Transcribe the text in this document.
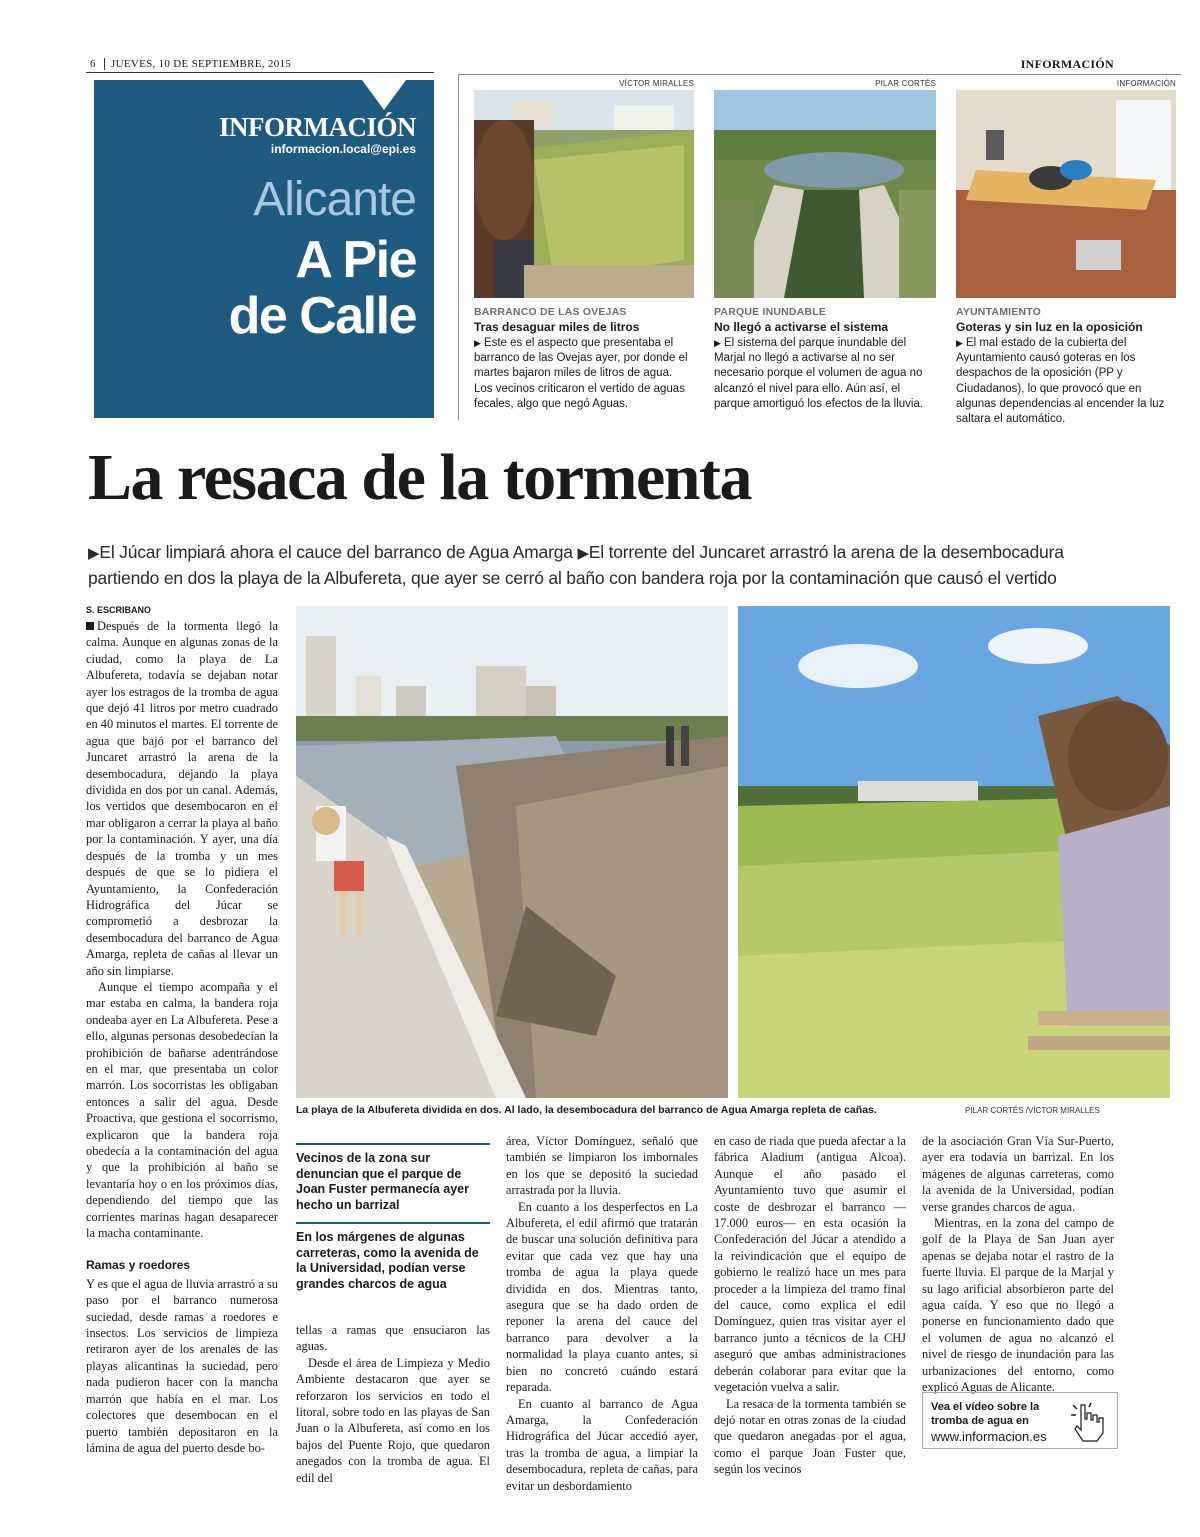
6	JUEVES, 10 DE SEPTIEMBRE, 2015	INFORMACIÓN
INFORMACIÓN
informacion.local@epi.es
Alicante
A Pie
de Calle
VÍCTOR MIRALLES
BARRANCO DE LAS OVEJAS
Tras desaguar miles de litros
▶ Este es el aspecto que presentaba el barranco de las Ovejas ayer, por donde el martes bajaron miles de litros de agua. Los vecinos criticaron el vertido de aguas fecales, algo que negó Aguas.
PILAR CORTÉS
PARQUE INUNDABLE
No llegó a activarse el sistema
▶ El sistema del parque inundable del Marjal no llegó a activarse al no ser necesario porque el volumen de agua no alcanzó el nivel para ello. Aún así, el parque amortiguó los efectos de la lluvia.
INFORMACIÓN
AYUNTAMIENTO
Goteras y sin luz en la oposición
▶ El mal estado de la cubierta del Ayuntamiento causó goteras en los despachos de la oposición (PP y Ciudadanos), lo que provocó que en algunas dependencias al encender la luz saltara el automático.
La resaca de la tormenta
▶El Júcar limpiará ahora el cauce del barranco de Agua Amarga ▶El torrente del Juncaret arrastró la arena de la desembocadura partiendo en dos la playa de la Albufereta, que ayer se cerró al baño con bandera roja por la contaminación que causó el vertido
S. ESCRIBANO

Después de la tormenta llegó la calma. Aunque en algunas zonas de la ciudad, como la playa de La Albufereta, todavía se dejaban notar ayer los estragos de la tromba de agua que dejó 41 litros por metro cuadrado en 40 minutos el martes. El torrente de agua que bajó por el barranco del Juncaret arrastró la arena de la desembocadura, dejando la playa dividida en dos por un canal. Además, los vertidos que desembocaron en el mar obligaron a cerrar la playa al baño por la contaminación. Y ayer, una día después de la tromba y un mes después de que se lo pidiera el Ayuntamiento, la Confederación Hidrográfica del Júcar se comprometió a desbrozar la desembocadura del barranco de Agua Amarga, repleta de cañas al llevar un año sin limpiarse.

Aunque el tiempo acompaña y el mar estaba en calma, la bandera roja ondeaba ayer en La Albufereta. Pese a ello, algunas personas desobedecían la prohibición de bañarse adentrándose en el mar, que presentaba un color marrón. Los socorristas les obligaban entonces a salir del agua. Desde Proactiva, que gestiona el socorrismo, explicaron que la bandera roja obedecía a la contaminación del agua y que la prohibición al baño se levantaría hoy o en los próximos días, dependiendo del tiempo que las corrientes marinas hagan desaparecer la macha contaminante.

Ramas y roedores

Y es que el agua de lluvia arrastró a su paso por el barranco numerosa suciedad, desde ramas a roedores e insectos. Los servicios de limpieza retiraron ayer de los arenales de las playas alicantinas la suciedad, pero nada pudieron hacer con la mancha marrón que había en el mar. Los colectores que desembocan en el puerto también depositaron en la lámina de agua del puerto desde bo-

La playa de la Albufereta dividida en dos. Al lado, la desembocadura del barranco de Agua Amarga repleta de cañas.	PILAR CORTÉS /VÍCTOR MIRALLES
Vecinos de la zona sur denuncian que el parque de Joan Fuster permanecía ayer hecho un barrizal
En los márgenes de algunas carreteras, como la avenida de la Universidad, podían verse grandes charcos de agua

tellas a ramas que ensuciaron las aguas.

Desde el área de Limpieza y Medio Ambiente destacaron que ayer se reforzaron los servicios en todo el litoral, sobre todo en las playas de San Juan o la Albufereta, así como en los bajos del Puente Rojo, que quedaron anegados con la tromba de agua. El edil del

área, Víctor Domínguez, señaló que también se limpiaron los imbornales en los que se depositó la suciedad arrastrada por la lluvia.

En cuanto a los desperfectos en La Albufereta, el edil afirmó que tratarán de buscar una solución definitiva para evitar que cada vez que hay una tromba de agua la playa quede dividida en dos. Mientras tanto, asegura que se ha dado orden de reponer la arena del cauce del barranco para devolver a la normalidad la playa cuanto antes, si bien no concretó cuándo estará reparada.

En cuanto al barranco de Agua Amarga, la Confederación Hidrográfica del Júcar accedió ayer, tras la tromba de agua, a limpiar la desembocadura, repleta de cañas, para evitar un desbordamiento

en caso de riada que pueda afectar a la fábrica Aladium (antigua Alcoa). Aunque el año pasado el Ayuntamiento tuvo que asumir el coste de desbrozar el barranco —17.000 euros— en esta ocasión la Confederación del Júcar a atendido a la reivindicación que el equipo de gobierno le realizó hace un mes para proceder a la limpieza del tramo final del cauce, como explica el edil Domínguez, quien tras visitar ayer el barranco junto a técnicos de la CHJ aseguró que ambas administraciones deberán colaborar para evitar que la vegetación vuelva a salir.

La resaca de la tormenta también se dejó notar en otras zonas de la ciudad que quedaron anegadas por el agua, como el parque Joan Fuster que, según los vecinos

de la asociación Gran Vía Sur-Puerto, ayer era todavía un barrizal. En los mágenes de algunas carreteras, como la avenida de la Universidad, podían verse grandes charcos de agua.

Mientras, en la zona del campo de golf de la Playa de San Juan ayer apenas se dejaba notar el rastro de la fuerte lluvia. El parque de la Marjal y su lago arificial absorbieron parte del agua caída. Y eso que no llegó a ponerse en funcionamiento dado que el volumen de agua no alcanzó el nivel de riesgo de inundación para las urbanizaciones del entorno, como explicó Aguas de Alicante.

Vea el vídeo sobre la tromba de agua en
www.informacion.es
